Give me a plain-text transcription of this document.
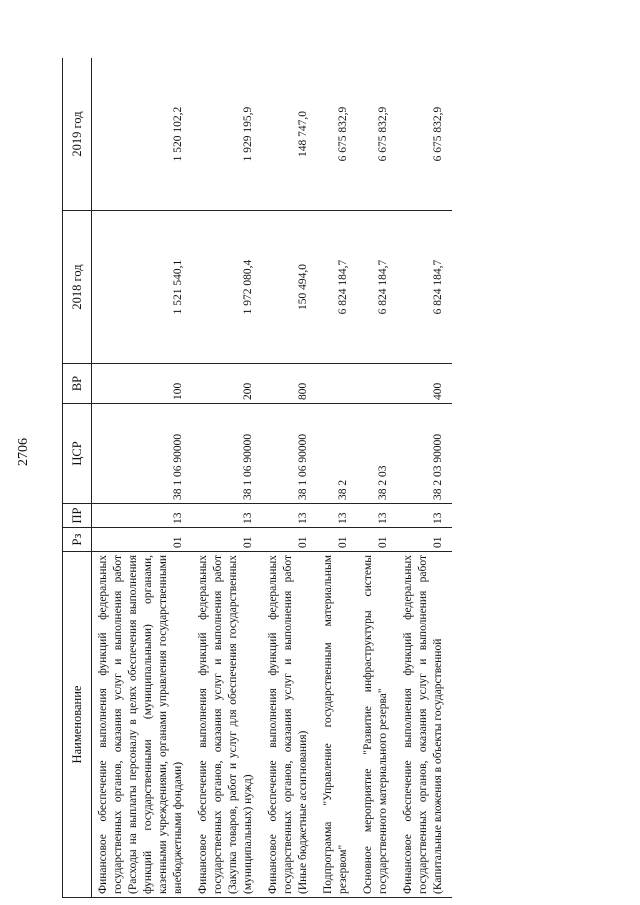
2706
Наименование	Рз	ПР	ЦСР	ВР	2018 год	2019 год
Финансовое обеспечение выполнения функций федеральных государственных органов, оказания услуг и выполнения работ (Расходы на выплаты персоналу в целях обеспечения выполнения функций государственными (муниципальными) органами, казенными учреждениями, органами управления государственными внебюджетными фондами)	01	13	38 1 06 90000	100	1 521 540,1	1 520 102,2
Финансовое обеспечение выполнения функций федеральных государственных органов, оказания услуг и выполнения работ (Закупка товаров, работ и услуг для обеспечения государственных (муниципальных) нужд)	01	13	38 1 06 90000	200	1 972 080,4	1 929 195,9
Финансовое обеспечение выполнения функций федеральных государственных органов, оказания услуг и выполнения работ (Иные бюджетные ассигнования)	01	13	38 1 06 90000	800	150 494,0	148 747,0
Подпрограмма "Управление государственным материальным резервом"	01	13	38 2		6 824 184,7	6 675 832,9
Основное мероприятие "Развитие инфраструктуры системы государственного материального резерва"	01	13	38 2 03		6 824 184,7	6 675 832,9
Финансовое обеспечение выполнения функций федеральных государственных органов, оказания услуг и выполнения работ (Капитальные вложения в объекты государственной	01	13	38 2 03 90000	400	6 824 184,7	6 675 832,9
